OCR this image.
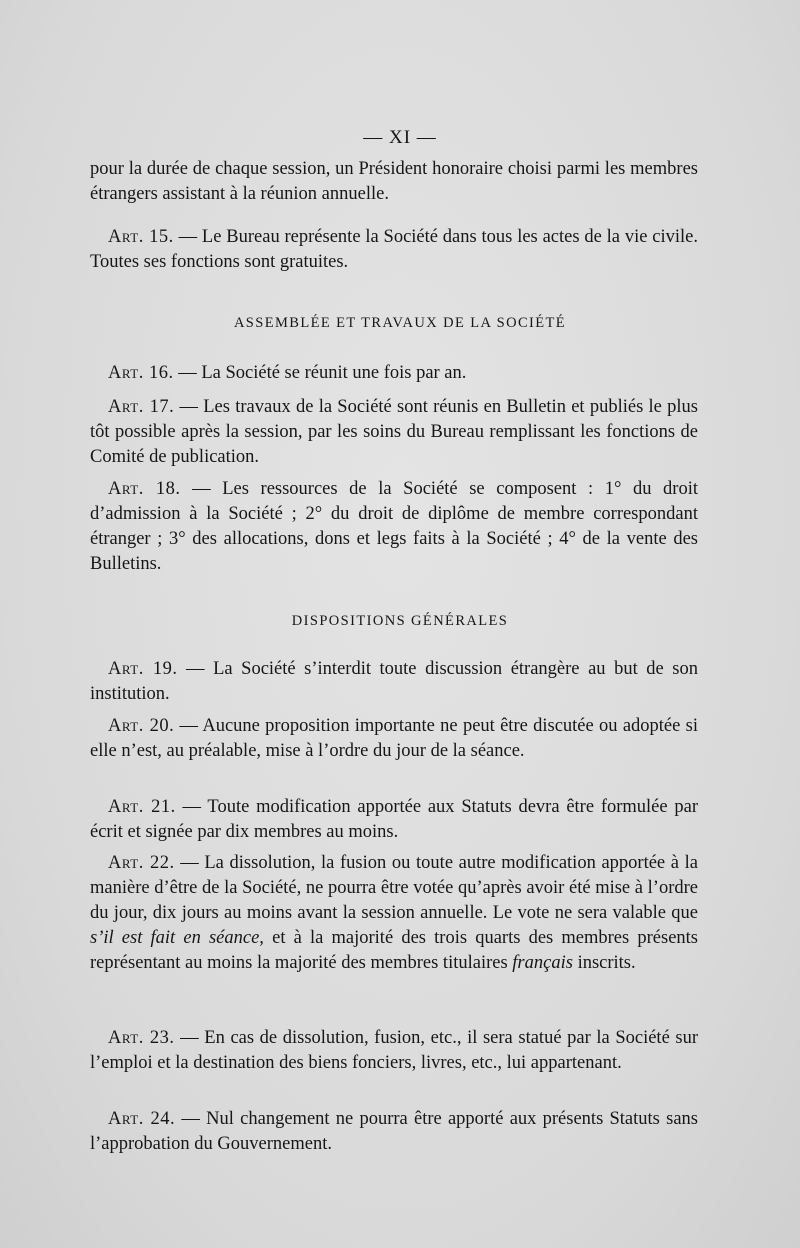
— XI —

pour la durée de chaque session, un Président honoraire choisi parmi les membres étrangers assistant à la réunion annuelle.

Art. 15. — Le Bureau représente la Société dans tous les actes de la vie civile. Toutes ses fonctions sont gratuites.

ASSEMBLÉE ET TRAVAUX DE LA SOCIÉTÉ

Art. 16. — La Société se réunit une fois par an.

Art. 17. — Les travaux de la Société sont réunis en Bulletin et publiés le plus tôt possible après la session, par les soins du Bureau remplissant les fonctions de Comité de publication.

Art. 18. — Les ressources de la Société se composent : 1° du droit d’admission à la Société ; 2° du droit de diplôme de membre correspondant étranger ; 3° des allocations, dons et legs faits à la Société ; 4° de la vente des Bulletins.

DISPOSITIONS GÉNÉRALES

Art. 19. — La Société s’interdit toute discussion étrangère au but de son institution.

Art. 20. — Aucune proposition importante ne peut être discutée ou adoptée si elle n’est, au préalable, mise à l’ordre du jour de la séance.

Art. 21. — Toute modification apportée aux Statuts devra être formulée par écrit et signée par dix membres au moins.

Art. 22. — La dissolution, la fusion ou toute autre modification apportée à la manière d’être de la Société, ne pourra être votée qu’après avoir été mise à l’ordre du jour, dix jours au moins avant la session annuelle. Le vote ne sera valable que s’il est fait en séance, et à la majorité des trois quarts des membres présents représentant au moins la majorité des membres titulaires français inscrits.

Art. 23. — En cas de dissolution, fusion, etc., il sera statué par la Société sur l’emploi et la destination des biens fonciers, livres, etc., lui appartenant.

Art. 24. — Nul changement ne pourra être apporté aux présents Statuts sans l’approbation du Gouvernement.
